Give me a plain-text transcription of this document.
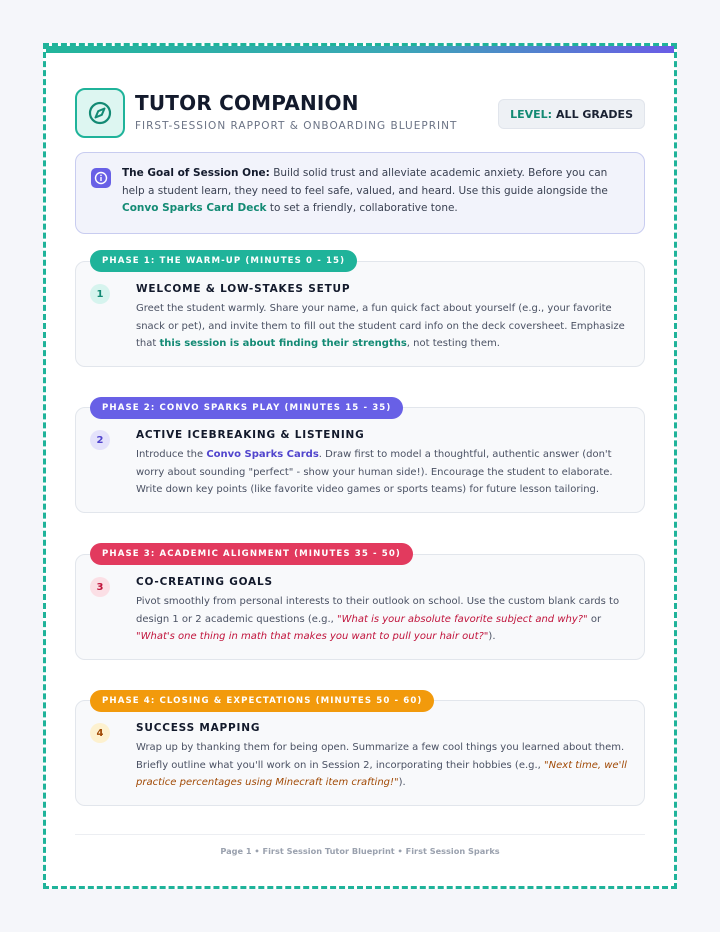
TUTOR COMPANION
FIRST-SESSION RAPPORT & ONBOARDING BLUEPRINT
LEVEL: ALL GRADES
The Goal of Session One: Build solid trust and alleviate academic anxiety. Before you can help a student learn, they need to feel safe, valued, and heard. Use this guide alongside the Convo Sparks Card Deck to set a friendly, collaborative tone.
1	WELCOME & LOW-STAKES SETUP
Greet the student warmly. Share your name, a fun quick fact about yourself (e.g., your favorite snack or pet), and invite them to fill out the student card info on the deck coversheet. Emphasize that this session is about finding their strengths, not testing them.
PHASE 1: THE WARM-UP (MINUTES 0 - 15)
2	ACTIVE ICEBREAKING & LISTENING
Introduce the Convo Sparks Cards. Draw first to model a thoughtful, authentic answer (don't worry about sounding "perfect" - show your human side!). Encourage the student to elaborate. Write down key points (like favorite video games or sports teams) for future lesson tailoring.
PHASE 2: CONVO SPARKS PLAY (MINUTES 15 - 35)
3	CO-CREATING GOALS
Pivot smoothly from personal interests to their outlook on school. Use the custom blank cards to design 1 or 2 academic questions (e.g., "What is your absolute favorite subject and why?" or "What's one thing in math that makes you want to pull your hair out?").
PHASE 3: ACADEMIC ALIGNMENT (MINUTES 35 - 50)
4	SUCCESS MAPPING
Wrap up by thanking them for being open. Summarize a few cool things you learned about them. Briefly outline what you'll work on in Session 2, incorporating their hobbies (e.g., "Next time, we'll practice percentages using Minecraft item crafting!").
PHASE 4: CLOSING & EXPECTATIONS (MINUTES 50 - 60)
Page 1 • First Session Tutor Blueprint • First Session Sparks
